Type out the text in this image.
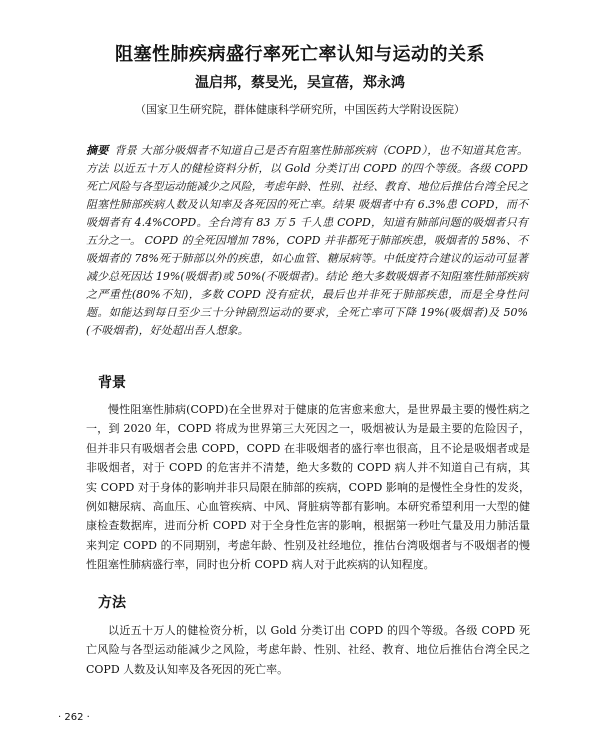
阻塞性肺疾病盛行率死亡率认知与运动的关系
温启邦，蔡旻光，吴宣蓓，郑永鸿
（国家卫生研究院，群体健康科学研究所，中国医药大学附设医院）
摘要 背景 大部分吸烟者不知道自己是否有阻塞性肺部疾病（COPD），也不知道其危害。方法 以近五十万人的健检资料分析，以 Gold 分类订出 COPD 的四个等级。各级 COPD 死亡风险与各型运动能减少之风险，考虑年龄、性别、社经、教育、地位后推估台湾全民之阻塞性肺部疾病人数及认知率及各死因的死亡率。结果 吸烟者中有 6.3%患 COPD，而不吸烟者有 4.4%COPD。全台湾有 83 万 5 千人患 COPD，知道有肺部问题的吸烟者只有五分之一。 COPD 的全死因增加 78%，COPD 并非都死于肺部疾患，吸烟者的 58%、不吸烟者的 78%死于肺部以外的疾患，如心血管、糖尿病等。中低度符合建议的运动可显著减少总死因达 19%(吸烟者)或 50%(不吸烟者)。结论 绝大多数吸烟者不知阻塞性肺部疾病之严重性(80%不知)，多数 COPD 没有症状，最后也并非死于肺部疾患，而是全身性问题。如能达到每日至少三十分钟剧烈运动的要求，全死亡率可下降 19%(吸烟者)及 50%(不吸烟者)，好处超出吾人想象。
背景
慢性阻塞性肺病(COPD)在全世界对于健康的危害愈来愈大，是世界最主要的慢性病之一，到 2020 年，COPD 将成为世界第三大死因之一，吸烟被认为是最主要的危险因子，但并非只有吸烟者会患 COPD，COPD 在非吸烟者的盛行率也很高，且不论是吸烟者或是非吸烟者，对于 COPD 的危害并不清楚，绝大多数的 COPD 病人并不知道自己有病，其实 COPD 对于身体的影响并非只局限在肺部的疾病，COPD 影响的是慢性全身性的发炎，例如糖尿病、高血压、心血管疾病、中风、肾脏病等都有影响。本研究希望利用一大型的健康检查数据库，进而分析 COPD 对于全身性危害的影响，根据第一秒吐气量及用力肺活量来判定 COPD 的不同期别，考虑年龄、性别及社经地位，推估台湾吸烟者与不吸烟者的慢性阻塞性肺病盛行率，同时也分析 COPD 病人对于此疾病的认知程度。
方法
以近五十万人的健检资分析，以 Gold 分类订出 COPD 的四个等级。各级 COPD 死亡风险与各型运动能减少之风险，考虑年龄、性别、社经、教育、地位后推估台湾全民之 COPD 人数及认知率及各死因的死亡率。
· 262 ·
